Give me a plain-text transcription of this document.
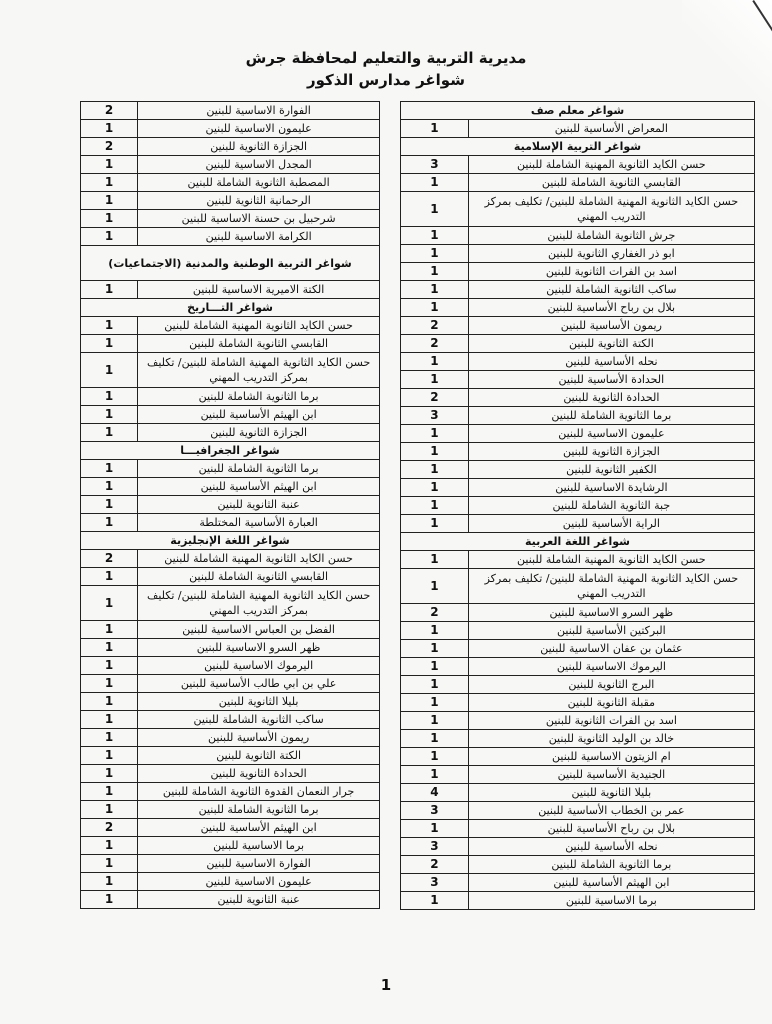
مديرية التربية والتعليم لمحافظة جرش
شواغر مدارس الذكور
شواغر معلم صف	
المعراض الأساسية للبنين	1
شواغر التربية الإسلامية	
حسن الكايد الثانوية المهنية الشاملة للبنين	3
القابسي الثانوية الشاملة للبنين	1
حسن الكايد الثانوية المهنية الشاملة للبنين/ تكليف بمركز التدريب المهني	1
جرش الثانوية الشاملة للبنين	1
ابو ذر الغفاري الثانوية للبنين	1
اسد بن الفرات الثانوية للبنين	1
ساكب الثانوية الشاملة للبنين	1
بلال بن رباح الأساسية للبنين	1
ريمون الأساسية للبنين	2
الكتة الثانوية للبنين	2
نحله الأساسية للبنين	1
الحدادة الأساسية للبنين	1
الحدادة الثانوية للبنين	2
برما الثانوية الشاملة للبنين	3
عليمون الاساسية للبنين	1
الجزازة الثانوية للبنين	1
الكفير الثانوية للبنين	1
الرشايدة الاساسية للبنين	1
جبة الثانوية الشاملة للبنين	1
الراية الأساسية للبنين	1
شواغر اللغة العربية	
حسن الكايد الثانوية المهنية الشاملة للبنين	1
حسن الكايد الثانوية المهنية الشاملة للبنين/ تكليف بمركز التدريب المهني	1
ظهر السرو الاساسية للبنين	2
البركتين الأساسية للبنين	1
عثمان بن عفان الاساسية للبنين	1
اليرموك الاساسية للبنين	1
البرج الثانوية للبنين	1
مقبلة الثانوية للبنين	1
اسد بن الفرات الثانوية للبنين	1
خالد بن الوليد الثانوية للبنين	1
ام الزيتون الاساسية للبنين	1
الجنيدية الأساسية للبنين	1
بليلا الثانوية للبنين	4
عمر بن الخطاب الأساسية للبنين	3
بلال بن رباح الأساسية للبنين	1
نحله الأساسية للبنين	3
برما الثانوية الشاملة للبنين	2
ابن الهيثم الأساسية للبنين	3
برما الاساسية للبنين	1
الفوارة الاساسية للبنين	2
عليمون الاساسية للبنين	1
الجزازة الثانوية للبنين	2
المجدل الاساسية للبنين	1
المصطبة الثانوية الشاملة للبنين	1
الرحمانية الثانوية للبنين	1
شرحبيل بن حسنة الاساسية للبنين	1
الكرامة الاساسية للبنين	1
شواغر التربية الوطنية والمدنية (الاجتماعيات)	
الكتة الاميرية الاساسية للبنين	1
شواغر التـــاريخ	
حسن الكايد الثانوية المهنية الشاملة للبنين	1
القابسي الثانوية الشاملة للبنين	1
حسن الكايد الثانوية المهنية الشاملة للبنين/ تكليف بمركز التدريب المهني	1
برما الثانوية الشاملة للبنين	1
ابن الهيثم الأساسية للبنين	1
الجزازة الثانوية للبنين	1
شواغر الجغرافيـــا	
برما الثانوية الشاملة للبنين	1
ابن الهيثم الأساسية للبنين	1
عنبة الثانوية للبنين	1
العبارة الأساسية المختلطة	1
شواغر اللغة الإنجليزية	
حسن الكايد الثانوية المهنية الشاملة للبنين	2
القابسي الثانوية الشاملة للبنين	1
حسن الكايد الثانوية المهنية الشاملة للبنين/ تكليف بمركز التدريب المهني	1
الفضل بن العباس الاساسية للبنين	1
ظهر السرو الاساسية للبنين	1
اليرموك الاساسية للبنين	1
علي بن ابي طالب الأساسية للبنين	1
بليلا الثانوية للبنين	1
ساكب الثانوية الشاملة للبنين	1
ريمون الأساسية للبنين	1
الكتة الثانوية للبنين	1
الحدادة الثانوية للبنين	1
جرار النعمان القدوة الثانوية الشاملة للبنين	1
برما الثانوية الشاملة للبنين	1
ابن الهيثم الأساسية للبنين	2
برما الاساسية للبنين	1
الفوارة الاساسية للبنين	1
عليمون الاساسية للبنين	1
عنبة الثانوية للبنين	1
1
